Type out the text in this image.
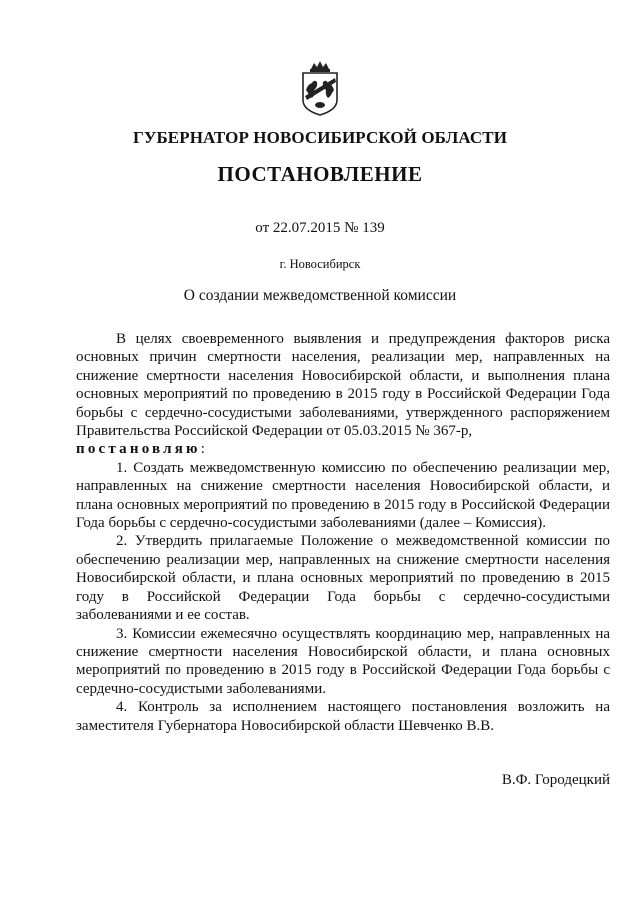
ГУБЕРНАТОР НОВОСИБИРСКОЙ ОБЛАСТИ
ПОСТАНОВЛЕНИЕ
от 22.07.2015 № 139
г. Новосибирск
О создании межведомственной комиссии

В целях своевременного выявления и предупреждения факторов риска основных причин смертности населения, реализации мер, направленных на снижение смертности населения Новосибирской области, и выполнения плана основных мероприятий по проведению в 2015 году в Российской Федерации Года борьбы с сердечно-сосудистыми заболеваниями, утвержденного распоряжением Правительства Российской Федерации от 05.03.2015 № 367-р,
постановляю:

1. Создать межведомственную комиссию по обеспечению реализации мер, направленных на снижение смертности населения Новосибирской области, и плана основных мероприятий по проведению в 2015 году в Российской Федерации Года борьбы с сердечно-сосудистыми заболеваниями (далее – Комиссия).

2. Утвердить прилагаемые Положение о межведомственной комиссии по обеспечению реализации мер, направленных на снижение смертности населения Новосибирской области, и плана основных мероприятий по проведению в 2015 году в Российской Федерации Года борьбы с сердечно-сосудистыми заболеваниями и ее состав.

3. Комиссии ежемесячно осуществлять координацию мер, направленных на снижение смертности населения Новосибирской области, и плана основных мероприятий по проведению в 2015 году в Российской Федерации Года борьбы с сердечно-сосудистыми заболеваниями.

4. Контроль за исполнением настоящего постановления возложить на заместителя Губернатора Новосибирской области Шевченко В.В.

В.Ф. Городецкий
